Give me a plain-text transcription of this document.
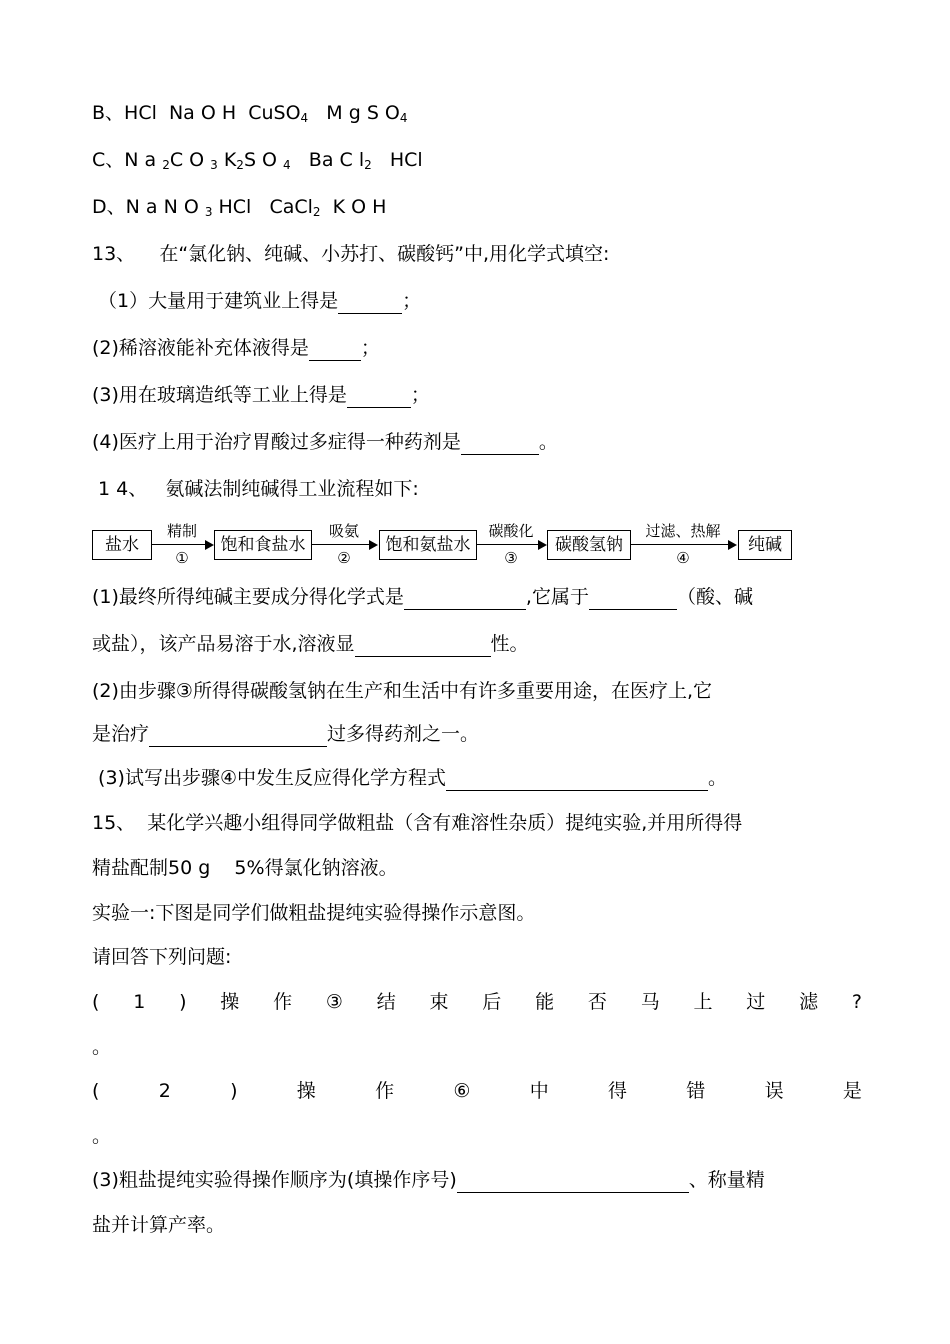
B、HCl  Na O H  CuSO$_4$   M g S $O_4$
C、N a $_2$C O $_3$ $K_2S$ O $_4$   Ba C $l_2$   HCl
D、N a N O $_3$ HCl   CaCl$_2$  K O H
13、    在“氯化钠、纯碱、小苏打、碳酸钙”中,用化学式填空:
（1）大量用于建筑业上得是	；
(2)稀溶液能补充体液得是	；
(3)用在玻璃造纸等工业上得是	；
(4)医疗上用于治疗胃酸过多症得一种药剂是	。
1 4、   氨碱法制纯碱得工业流程如下:
盐水
精制
①
饱和食盐水
吸氨
②
饱和氨盐水
碳酸化
③
碳酸氢钠
过滤、热解
④
纯碱
(1)最终所得纯碱主要成分得化学式是	,它属于	（酸、碱
或盐），该产品易溶于水,溶液显	性。
(2)由步骤③所得得碳酸氢钠在生产和生活中有许多重要用途，在医疗上,它
是治疗	过多得药剂之一。
(3)试写出步骤④中发生反应得化学方程式	。
15、  某化学兴趣小组得同学做粗盐（含有难溶性杂质）提纯实验,并用所得得
精盐配制50 g    5%得氯化钠溶液。
实验一:下图是同学们做粗盐提纯实验得操作示意图。
请回答下列问题:
( 1 ) 操 作 ③ 结 束 后 能 否 马 上 过 滤 ?
。
(	2	)	操	作	⑥	中	得	错	误	是
。
(3)粗盐提纯实验得操作顺序为(填操作序号)	、称量精
盐并计算产率。
